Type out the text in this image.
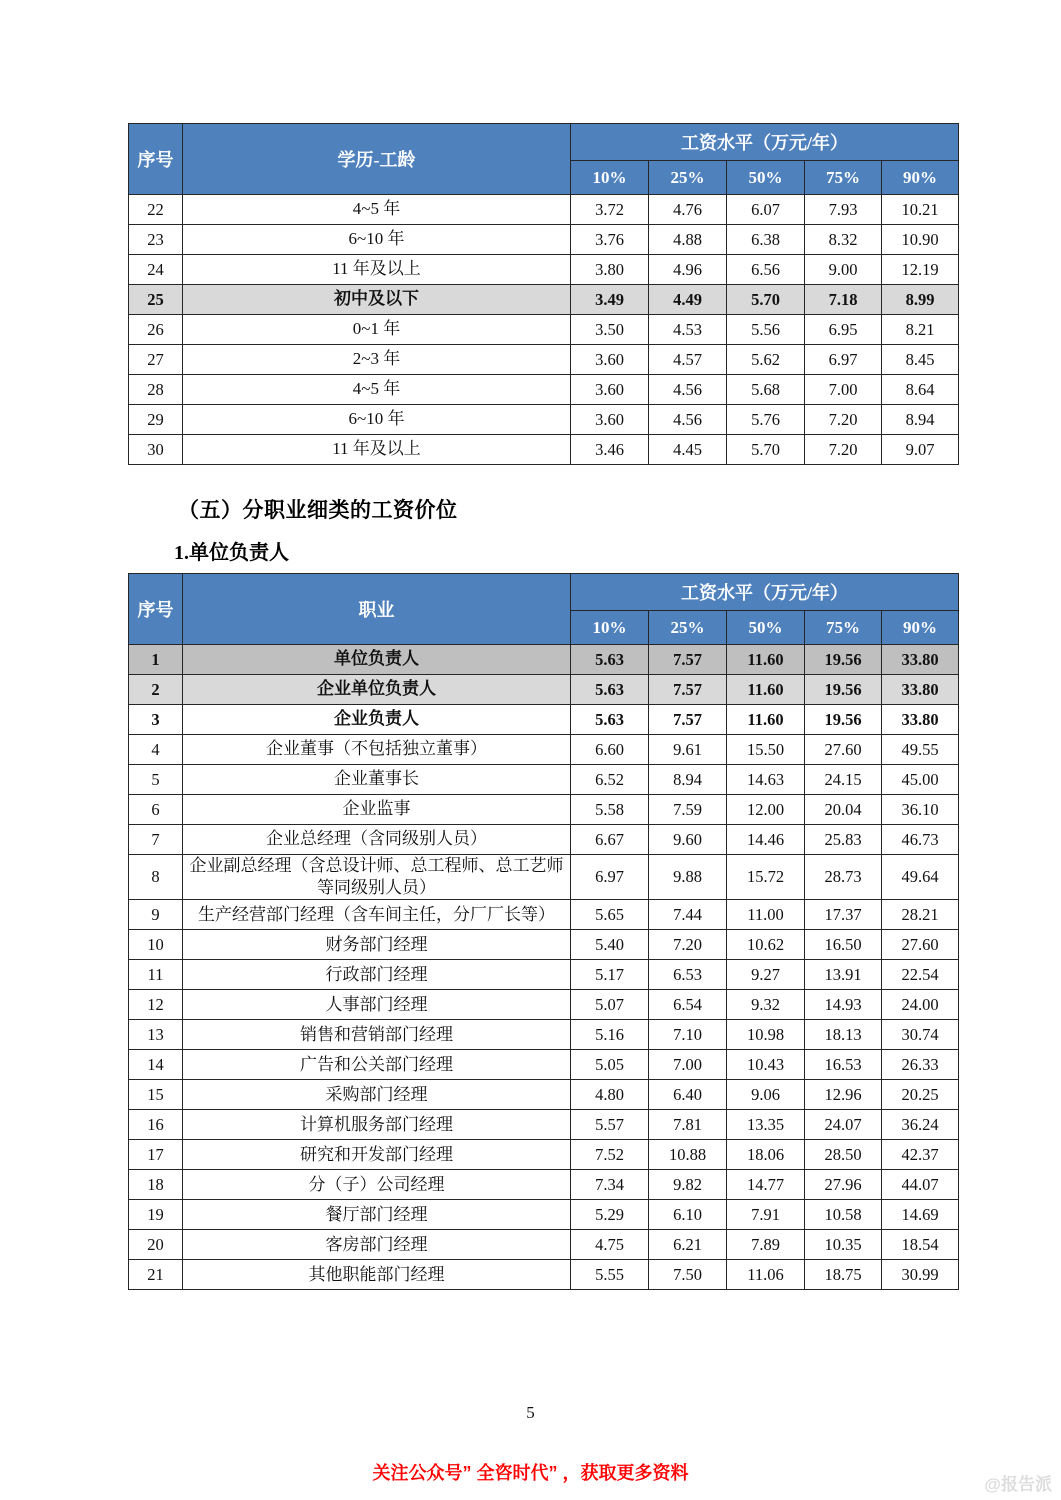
序号	学历-工龄	工资水平（万元/年）				
		10%	25%	50%	75%	90%
22	4~5 年	3.72	4.76	6.07	7.93	10.21
23	6~10 年	3.76	4.88	6.38	8.32	10.90
24	11 年及以上	3.80	4.96	6.56	9.00	12.19
25	初中及以下	3.49	4.49	5.70	7.18	8.99
26	0~1 年	3.50	4.53	5.56	6.95	8.21
27	2~3 年	3.60	4.57	5.62	6.97	8.45
28	4~5 年	3.60	4.56	5.68	7.00	8.64
29	6~10 年	3.60	4.56	5.76	7.20	8.94
30	11 年及以上	3.46	4.45	5.70	7.20	9.07
（五）分职业细类的工资价位
1.单位负责人
序号	职业	工资水平（万元/年）				
		10%	25%	50%	75%	90%
1	单位负责人	5.63	7.57	11.60	19.56	33.80
2	企业单位负责人	5.63	7.57	11.60	19.56	33.80
3	企业负责人	5.63	7.57	11.60	19.56	33.80
4	企业董事（不包括独立董事）	6.60	9.61	15.50	27.60	49.55
5	企业董事长	6.52	8.94	14.63	24.15	45.00
6	企业监事	5.58	7.59	12.00	20.04	36.10
7	企业总经理（含同级别人员）	6.67	9.60	14.46	25.83	46.73
8	企业副总经理（含总设计师、总工程师、总工艺师等同级别人员）	6.97	9.88	15.72	28.73	49.64
9	生产经营部门经理（含车间主任，分厂厂长等）	5.65	7.44	11.00	17.37	28.21
10	财务部门经理	5.40	7.20	10.62	16.50	27.60
11	行政部门经理	5.17	6.53	9.27	13.91	22.54
12	人事部门经理	5.07	6.54	9.32	14.93	24.00
13	销售和营销部门经理	5.16	7.10	10.98	18.13	30.74
14	广告和公关部门经理	5.05	7.00	10.43	16.53	26.33
15	采购部门经理	4.80	6.40	9.06	12.96	20.25
16	计算机服务部门经理	5.57	7.81	13.35	24.07	36.24
17	研究和开发部门经理	7.52	10.88	18.06	28.50	42.37
18	分（子）公司经理	7.34	9.82	14.77	27.96	44.07
19	餐厅部门经理	5.29	6.10	7.91	10.58	14.69
20	客房部门经理	4.75	6.21	7.89	10.35	18.54
21	其他职能部门经理	5.55	7.50	11.06	18.75	30.99
5
关注公众号” 全咨时代” ，获取更多资料
@报告派
